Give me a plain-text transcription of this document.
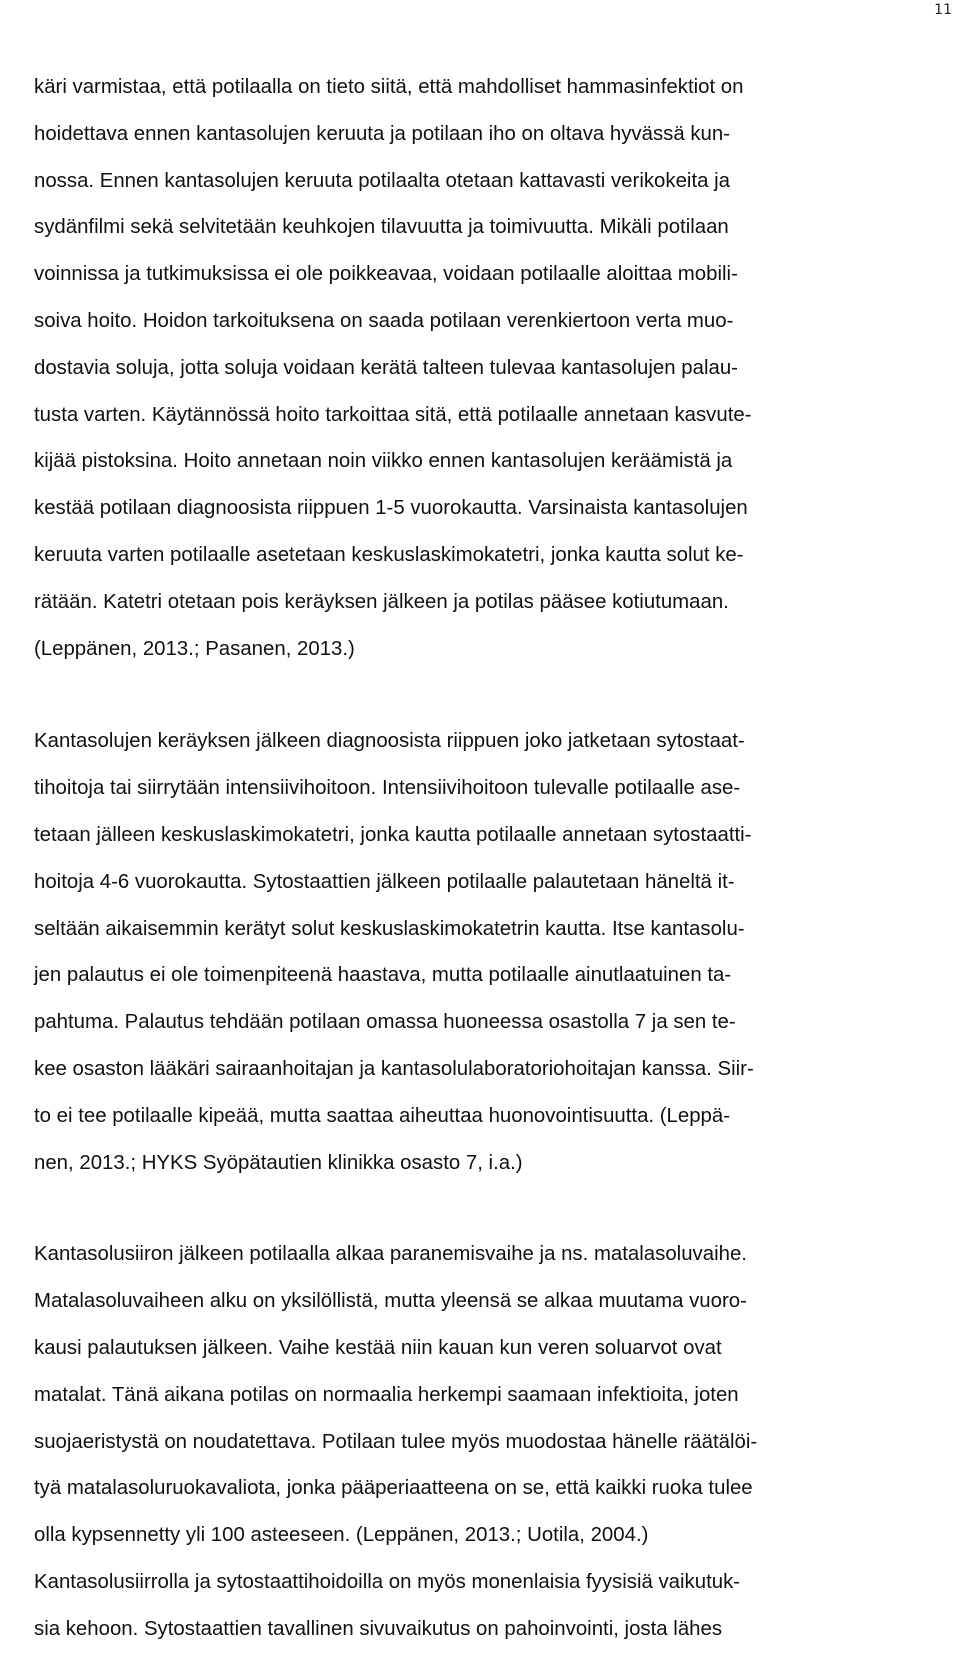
11
käri varmistaa, että potilaalla on tieto siitä, että mahdolliset hammasinfektiot on
hoidettava ennen kantasolujen keruuta ja potilaan iho on oltava hyvässä kun-
nossa. Ennen kantasolujen keruuta potilaalta otetaan kattavasti verikokeita ja
sydänfilmi sekä selvitetään keuhkojen tilavuutta ja toimivuutta. Mikäli potilaan
voinnissa ja tutkimuksissa ei ole poikkeavaa, voidaan potilaalle aloittaa mobili-
soiva hoito. Hoidon tarkoituksena on saada potilaan verenkiertoon verta muo-
dostavia soluja, jotta soluja voidaan kerätä talteen tulevaa kantasolujen palau-
tusta varten. Käytännössä hoito tarkoittaa sitä, että potilaalle annetaan kasvute-
kijää pistoksina. Hoito annetaan noin viikko ennen kantasolujen keräämistä ja
kestää potilaan diagnoosista riippuen 1-5 vuorokautta. Varsinaista kantasolujen
keruuta varten potilaalle asetetaan keskuslaskimokatetri, jonka kautta solut ke-
rätään. Katetri otetaan pois keräyksen jälkeen ja potilas pääsee kotiutumaan.
(Leppänen, 2013.; Pasanen, 2013.)
Kantasolujen keräyksen jälkeen diagnoosista riippuen joko jatketaan sytostaat-
tihoitoja tai siirrytään intensiivihoitoon. Intensiivihoitoon tulevalle potilaalle ase-
tetaan jälleen keskuslaskimokatetri, jonka kautta potilaalle annetaan sytostaatti-
hoitoja 4-6 vuorokautta. Sytostaattien jälkeen potilaalle palautetaan häneltä it-
seltään aikaisemmin kerätyt solut keskuslaskimokatetrin kautta. Itse kantasolu-
jen palautus ei ole toimenpiteenä haastava, mutta potilaalle ainutlaatuinen ta-
pahtuma. Palautus tehdään potilaan omassa huoneessa osastolla 7 ja sen te-
kee osaston lääkäri sairaanhoitajan ja kantasolulaboratoriohoitajan kanssa. Siir-
to ei tee potilaalle kipeää, mutta saattaa aiheuttaa huonovointisuutta. (Leppä-
nen, 2013.; HYKS Syöpätautien klinikka osasto 7, i.a.)
Kantasolusiiron jälkeen potilaalla alkaa paranemisvaihe ja ns. matalasoluvaihe.
Matalasoluvaiheen alku on yksilöllistä, mutta yleensä se alkaa muutama vuoro-
kausi palautuksen jälkeen. Vaihe kestää niin kauan kun veren soluarvot ovat
matalat. Tänä aikana potilas on normaalia herkempi saamaan infektioita, joten
suojaeristystä on noudatettava. Potilaan tulee myös muodostaa hänelle räätälöi-
tyä matalasoluruokavaliota, jonka pääperiaatteena on se, että kaikki ruoka tulee
olla kypsennetty yli 100 asteeseen. (Leppänen, 2013.; Uotila, 2004.)
Kantasolusiirrolla ja sytostaattihoidoilla on myös monenlaisia fyysisiä vaikutuk-
sia kehoon. Sytostaattien tavallinen sivuvaikutus on pahoinvointi, josta lähes
